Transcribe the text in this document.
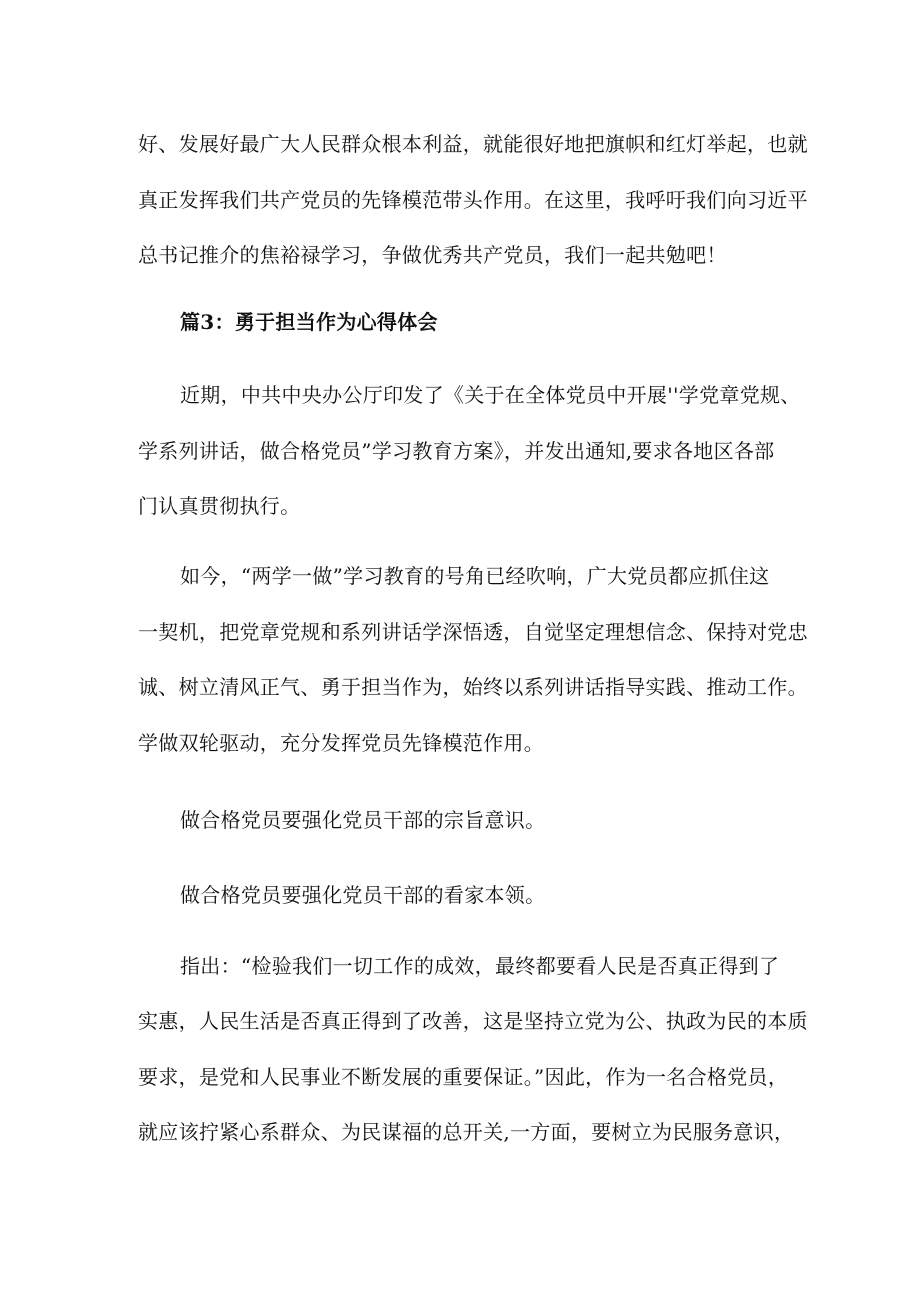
好、发展好最广大人民群众根本利益，就能很好地把旗帜和红灯举起，也就
真正发挥我们共产党员的先锋模范带头作用。在这里，我呼吁我们向习近平
总书记推介的焦裕禄学习，争做优秀共产党员，我们一起共勉吧！
篇3：勇于担当作为心得体会
近期，中共中央办公厅印发了《关于在全体党员中开展''学党章党规、
学系列讲话，做合格党员”学习教育方案》，并发出通知,要求各地区各部
门认真贯彻执行。
如今，“两学一做”学习教育的号角已经吹响，广大党员都应抓住这
一契机，把党章党规和系列讲话学深悟透，自觉坚定理想信念、保持对党忠
诚、树立清风正气、勇于担当作为，始终以系列讲话指导实践、推动工作。
学做双轮驱动，充分发挥党员先锋模范作用。
做合格党员要强化党员干部的宗旨意识。
做合格党员要强化党员干部的看家本领。
指出：“检验我们一切工作的成效，最终都要看人民是否真正得到了
实惠，人民生活是否真正得到了改善，这是坚持立党为公、执政为民的本质
要求，是党和人民事业不断发展的重要保证。”因此，作为一名合格党员，
就应该拧紧心系群众、为民谋福的总开关,一方面，要树立为民服务意识，
